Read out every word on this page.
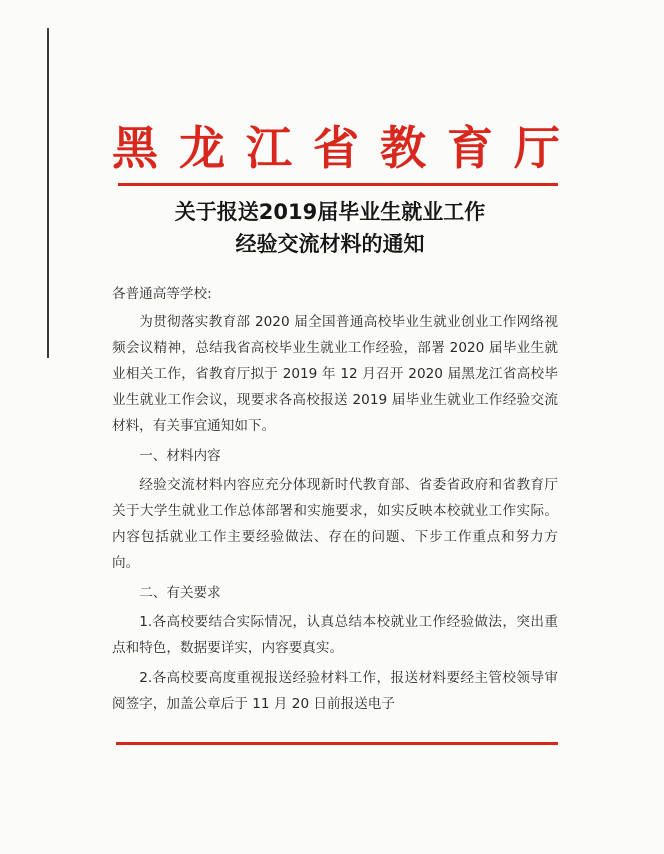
黑 龙 江 省 教 育 厅
关于报送2019届毕业生就业工作
经验交流材料的通知
各普通高等学校:

为贯彻落实教育部 2020 届全国普通高校毕业生就业创业工作网络视频会议精神，总结我省高校毕业生就业工作经验，部署 2020 届毕业生就业相关工作，省教育厅拟于 2019 年 12 月召开 2020 届黑龙江省高校毕业生就业工作会议，现要求各高校报送 2019 届毕业生就业工作经验交流材料，有关事宜通知如下。

一、材料内容

经验交流材料内容应充分体现新时代教育部、省委省政府和省教育厅关于大学生就业工作总体部署和实施要求，如实反映本校就业工作实际。内容包括就业工作主要经验做法、存在的问题、下步工作重点和努力方向。

二、有关要求

1.各高校要结合实际情况，认真总结本校就业工作经验做法，突出重点和特色，数据要详实，内容要真实。

2.各高校要高度重视报送经验材料工作，报送材料要经主管校领导审阅签字，加盖公章后于 11 月 20 日前报送电子
